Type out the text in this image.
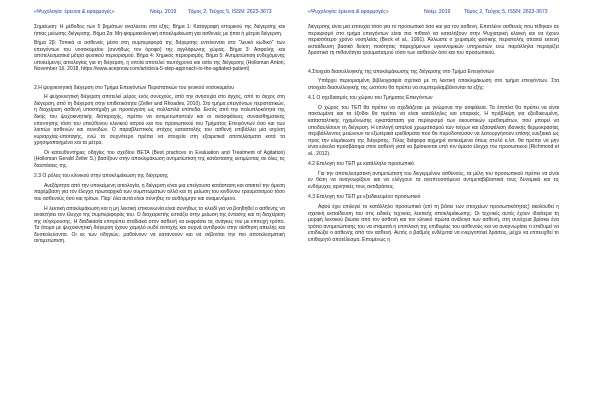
«Ψυχολογία: έρευνα & εφαρμογές»	Νοέμ. 2019 Τόμος 2, Τεύχος 5, ISSN: 2623-3673	«Ψυχολογία: έρευνα & εφαρμογές»	Νοέμ. 2019	Τόμος 2, Τεύχος 5, ISSN: 2623-3673

Σημείωση: Η μέθοδος των 5 βημάτων αναλύεται στα εξής: Βήμα 1: Καταγραφή ιστορικού της διέγερσης και ήπιας μείωσης διέγερσης. Βήμα 2α: Μη-φαρμακολογική αποκλιμάκωση για ασθενείς με ήπια ή μέτρια διέγερση.

Βήμα 2β: Τοπικά οι ασθενείς μέσα στη συμπεριφορά της διέγερσης εντείνονται στο "λευκό κωδικό" των επειγόντων του νοσοκομείου (συνήθως τον όροφο) της αγγλόφωνης χώρας. Βήμα 3: Ασφαλής και αποτελεσματικά μέτρα φυσικού περιορισμού. Βήμα 4: Χημικός περιορισμός. Βήμα 5: Αντιμετώπιση ενδεχόμενης υποκείμενης αιτιολογίας για τη διέγερση, η οποία αποτελεί ταυτόχρονα και αιτία της διέγερσης (Holloman Anton, November 16, 2018, https://www.acepnow.com/article/a-5-step-approach-to-the-agitated-patient)

2.Η ψυχοκινητική διέγερση στο Τμήμα Επειγόντων Περιστατικών του γενικού νοσοκομείου

Η ψυχοκινητική διέγερση αποτελεί μέρος ενός συνεχούς, από την ανησυχία στο άγχος, από το άγχος στη διέγερση, από τη διέγερση στην επιθετικότητα (Zeller and Rhoades, 2010). Στο τμήμα επειγόντων περιστατικών, η διαχείριση ασθενή υποστήριξη με προσέγγιση ως πολλαπλά επίπεδα. Εκτός από την πολυπλοκότητα της δικής του ψυχοκινητικής διαταραχής, πρέπει να αντιμετωπιστούν και οι ανασφάλειες συναισθηματικής επαντησης τόσο του υπεύθυνου κλινικού ιατρού και του προσωπικού του Τμήματος Επειγόντων όσο και των λοιπών ασθενών και συνοδών. Ο παραβλεπτικός στόχος καταστολής του ασθενή επιβάλλει μία ισχύση κυριαρχίας-υποταγής, ενώ το συχνότερο πρέπει να στοιχεία στη εξαιρετικά αποτελέσματα κατά τα χρησιμοποιημένα και τα μέτρα.

Οι κατευθυντήριες οδηγίες του σχεδίου BETA (Best practices in Evaluation and Treatment of Agitation) (Holloman Gerald Zeller S.) βασίζουν στην αποκλιμάκωση αντιμετώπιση της κατάστασης εκτιμώντας σε όλες τις διαστάσεις της.

2.3 Ο ρόλος του κλινικού στην αποκλιμάκωση της διέγερσης

Ανεξάρτητα από την υποκείμενη αιτιολογία, η διέγερση είναι μια επείγουσα κατάσταση και απαιτεί την άμεση παρέμβαση για τον έλεγχο πρωταρχικά των συμπτωμάτων αλλά και τη μείωση του κινδύνου τραυματισμού τόσο του ασθενούς όσο και τρίτων. Παρ' όλα αυτά είναι σύνηθες το αυθόρμητο και αναμενόμενο.

Η λεκτική αποκλιμάκωση και η μη λεκτική επικοινωνία είναι συνήθως το κλειδί για να βοηθηθεί ο ασθενής να ανακτήσει τον έλεγχο της συμπεριφοράς του. Ο διαχειριστής εστιάζει στην μείωση της έντασης και τη διαχείριση της σύγκρουσης. Η διαδικασία επιτρέπει σταδιακά στον ασθενή να εκφράσει τις ανάγκες του με επιτυχή τρόπο. Τα άτομα με ψυχοκινητική διέγερση έχουν χαμηλό ουδό αντοχής και συχνά αντιδρούν στην αίσθηση απειλής και δυσκολεύονται. Οι εκ των οδηγιών, μαθαίνουν να κατανοούν και να σέβονται την πιο αποτελεσματική αντιμετώπιση.

διέγερσης είναι μια επιτυχία τόσο για το προσωπικό όσο και για τον ασθενή. Επιπλέον ασθενείς που τέθηκαν σε περιορισμό στο τμήμα επειγόντων είναι πιο πιθανό να καταλήξουν στην Ψυχιατρική κλινική και να έχουν περισσότερο χρόνο νοσηλείας (Beck et al., 1991). Άλλωστε ο χειρισμός φυσικής περιστολής απαιτεί εκτενή εκπαίδευση βασικό δείκτη ποιότητας παρεχόμενων υγειονομικών υπηρεσιών ενώ παράλληλα περιορίζει δραστικά τη πιθανότητα τραυματισμού τόσο των ασθενών όσο και του προσωπικού.

4.Στοιχεία διασυλλογικής της αποκλιμάκωσης της διέγερσης στο Τμήμα Επειγόντων

Υπάρχει περιορισμένη βιβλιογραφία σχετικά με τη λεκτική αποκλιμάκωση στο τμήμα επειγόντων. Στα στοιχεία διασυλλογικής της ωστόσο θα πρέπει να συμπεριλαμβάνονται τα εξής:

4.1 Ο σχεδιασμός του χώρου του Τμήματος Επειγόντων

Ο χώρος του ΤΕΠ θα πρέπει να σχεδιάζεται με γνώμονα την ασφάλεια. Τα έπιπλα θα πρέπει να είναι πακτωμένα και τα έξοδοι θα πρέπει να είναι κατάλληλες και επαρκείς. Η πρόβλεψη για εξειδικευμένη, κατασταλτικής ηχομόνωσης εγκατάσταση για περιορισμό των ακουστικών ερεθισμάτων, που μπορεί να υποδαυλίσουν τη διέγερση. Η επιλογή απαλού χρωματισμού των τοίχων και εξασφάλιση ιδανικής θερμοκρασίας περιβάλλοντος μειώνουν τα εξωτερικά ερεθίσματα που θα πυροδοτούσαν να λειτουργήσουν επίσης ευεξιακά ως προς την κλιμάκωση της διέγερσης. Τέλος διάφορα αιχμηρά αντικείμενα όπως στυλό κ.λπ. θα πρέπει να μην είναι εύκολα προσβάσιμα στον ασθενή γιατί να βρίσκονται υπό τον άμεσο έλεγχο του προσωπικού (Richmond et al., 2012).

4.2 Επιλογή του ΤΕΠ με κατάλληλο προσωπικό

Για την αποτελεσματική αντιμετώπιση του διεγερμένου ασθενούς, τα μέλη του προσωπικού πρέπει να είναι εν θέση να αναγνωρίζουν και να ελέγχουν τα αναπτυσσόμενα αντιμεταβιβαστικά τους δυναμικά και τις ενδόμυχες αρνητικές τους αντιδράσεις.

4.3 Επιλογή του ΤΕΠ με εξειδικευμένο προσωπικό

Αφού έχει επιλεγεί το κατάλληλο προσωπικό (επί τη βάσει των στοιχείων προσωπικότητας) ακολουθεί η σχετική εκπαίδευση του στις ειδικές τεχνικές λεκτικής αποκλιμάκωσης. Οι τεχνικές αυτές έχουν ιδιαίτερα τη μορφή λεκτικού βιώσει από τον ασθενή και τον κλινικό πρώτα ανάλογα των ασθενή, στη συνέχεια βρίσκει ένα τρόπο αντιμετώπισης του να σταματά η επιπλοκή της επιθυμίας του ασθενούς και να αναγνωρίσει τι επιθυμεί να επιδιώξει ο ασθενής από τον ασθενή. Αυτός ο βαθμός ενδέχεται να ενεργοποιεί δράσεις, μέχρι να επιτευχθεί το επιθυμητό αποτέλεσμα. Επομένως η
